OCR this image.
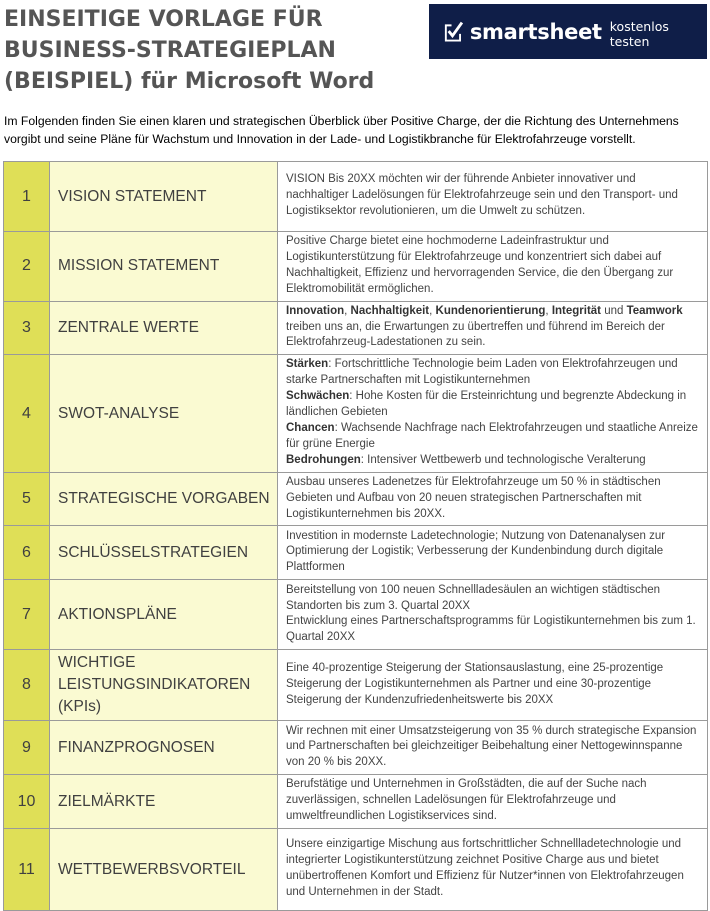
EINSEITIGE VORLAGE FÜR BUSINESS-STRATEGIEPLAN (BEISPIEL) für Microsoft Word
smartsheet kostenlos testen
Im Folgenden finden Sie einen klaren und strategischen Überblick über Positive Charge, der die Richtung des Unternehmens vorgibt und seine Pläne für Wachstum und Innovation in der Lade- und Logistikbranche für Elektrofahrzeuge vorstellt.
1	VISION STATEMENT	VISION Bis 20XX möchten wir der führende Anbieter innovativer und nachhaltiger Ladelösungen für Elektrofahrzeuge sein und den Transport- und Logistiksektor revolutionieren, um die Umwelt zu schützen.
2	MISSION STATEMENT	Positive Charge bietet eine hochmoderne Ladeinfrastruktur und Logistikunterstützung für Elektrofahrzeuge und konzentriert sich dabei auf Nachhaltigkeit, Effizienz und hervorragenden Service, die den Übergang zur Elektromobilität ermöglichen.
3	ZENTRALE WERTE	Innovation, Nachhaltigkeit, Kundenorientierung, Integrität und Teamwork treiben uns an, die Erwartungen zu übertreffen und führend im Bereich der Elektrofahrzeug-Ladestationen zu sein.
4	SWOT-ANALYSE	Stärken: Fortschrittliche Technologie beim Laden von Elektrofahrzeugen und starke Partnerschaften mit Logistikunternehmen
Schwächen: Hohe Kosten für die Ersteinrichtung und begrenzte Abdeckung in ländlichen Gebieten
Chancen: Wachsende Nachfrage nach Elektrofahrzeugen und staatliche Anreize für grüne Energie
Bedrohungen: Intensiver Wettbewerb und technologische Veralterung

5	STRATEGISCHE VORGABEN	Ausbau unseres Ladenetzes für Elektrofahrzeuge um 50 % in städtischen Gebieten und Aufbau von 20 neuen strategischen Partnerschaften mit Logistikunternehmen bis 20XX.
6	SCHLÜSSELSTRATEGIEN	Investition in modernste Ladetechnologie; Nutzung von Datenanalysen zur Optimierung der Logistik; Verbesserung der Kundenbindung durch digitale Plattformen
7	AKTIONSPLÄNE	Bereitstellung von 100 neuen Schnellladesäulen an wichtigen städtischen Standorten bis zum 3. Quartal 20XX
Entwicklung eines Partnerschaftsprogramms für Logistikunternehmen bis zum 1. Quartal 20XX

8	WICHTIGE LEISTUNGSINDIKATOREN (KPIs)	Eine 40-prozentige Steigerung der Stationsauslastung, eine 25-prozentige Steigerung der Logistikunternehmen als Partner und eine 30-prozentige Steigerung der Kundenzufriedenheitswerte bis 20XX
9	FINANZPROGNOSEN	Wir rechnen mit einer Umsatzsteigerung von 35 % durch strategische Expansion und Partnerschaften bei gleichzeitiger Beibehaltung einer Nettogewinnspanne von 20 % bis 20XX.
10	ZIELMÄRKTE	Berufstätige und Unternehmen in Großstädten, die auf der Suche nach zuverlässigen, schnellen Ladelösungen für Elektrofahrzeuge und umweltfreundlichen Logistikservices sind.
11	WETTBEWERBSVORTEIL	Unsere einzigartige Mischung aus fortschrittlicher Schnellladetechnologie und integrierter Logistikunterstützung zeichnet Positive Charge aus und bietet unübertroffenen Komfort und Effizienz für Nutzer*innen von Elektrofahrzeugen und Unternehmen in der Stadt.
